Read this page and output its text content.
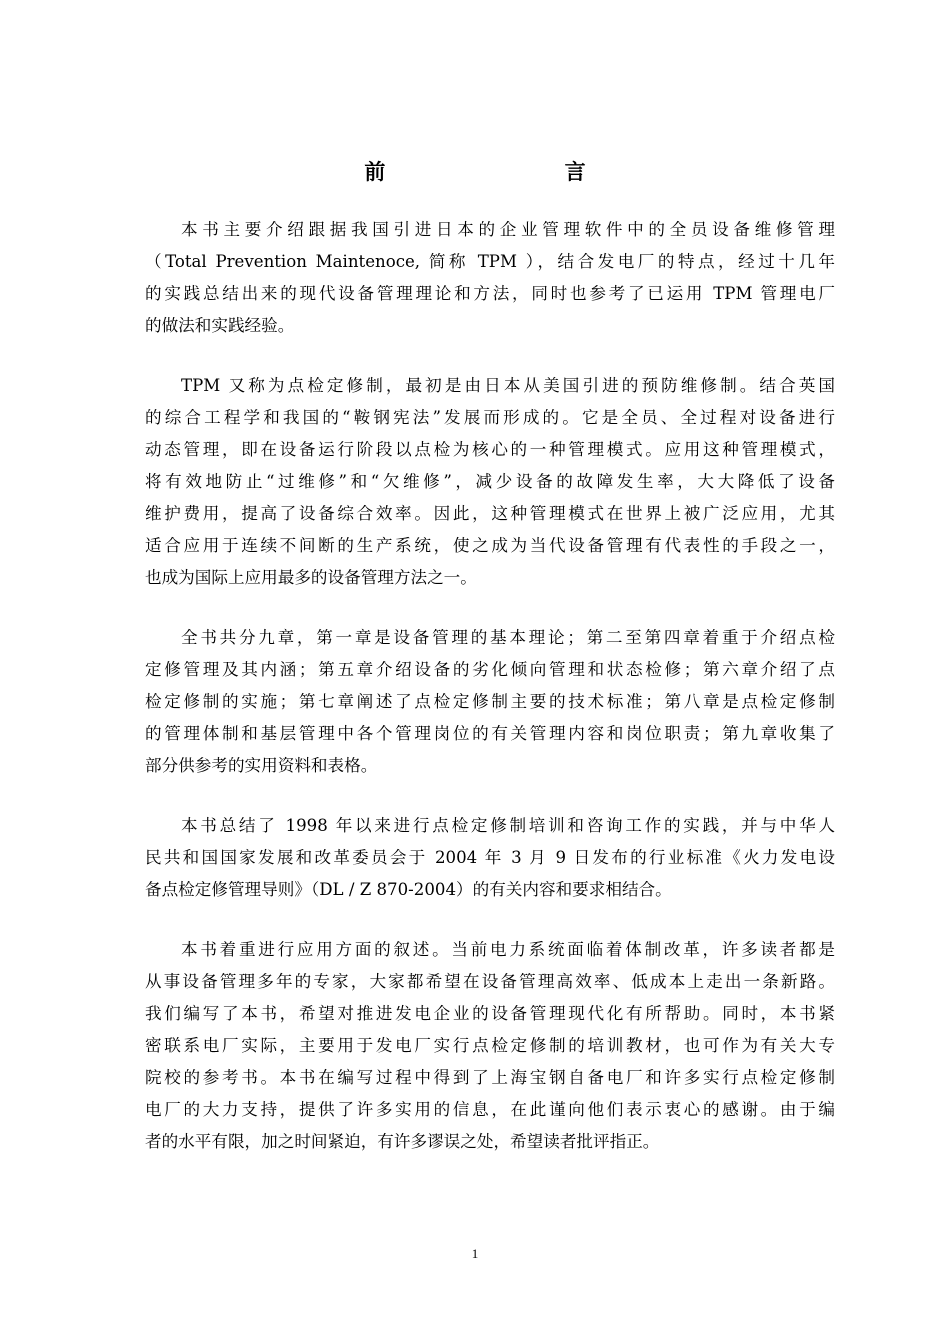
前 言

本书主要介绍跟据我国引进日本的企业管理软件中的全员设备维修管理
（Total Prevention Maintenoce, 简称 TPM ），结合发电厂的特点，经过十几年
的实践总结出来的现代设备管理理论和方法，同时也参考了已运用 TPM 管理电厂
的做法和实践经验。

TPM 又称为点检定修制，最初是由日本从美国引进的预防维修制。结合英国
的综合工程学和我国的“鞍钢宪法”发展而形成的。它是全员、全过程对设备进行
动态管理，即在设备运行阶段以点检为核心的一种管理模式。应用这种管理模式，
将有效地防止“过维修”和“欠维修”，减少设备的故障发生率，大大降低了设备
维护费用，提高了设备综合效率。因此，这种管理模式在世界上被广泛应用，尤其
适合应用于连续不间断的生产系统，使之成为当代设备管理有代表性的手段之一，
也成为国际上应用最多的设备管理方法之一。

全书共分九章，第一章是设备管理的基本理论；第二至第四章着重于介绍点检
定修管理及其内涵；第五章介绍设备的劣化倾向管理和状态检修；第六章介绍了点
检定修制的实施；第七章阐述了点检定修制主要的技术标准；第八章是点检定修制
的管理体制和基层管理中各个管理岗位的有关管理内容和岗位职责；第九章收集了
部分供参考的实用资料和表格。

本书总结了 1998 年以来进行点检定修制培训和咨询工作的实践，并与中华人
民共和国国家发展和改革委员会于 2004 年 3 月 9 日发布的行业标准《火力发电设
备点检定修管理导则》（DL / Z 870-2004）的有关内容和要求相结合。

本书着重进行应用方面的叙述。当前电力系统面临着体制改革，许多读者都是
从事设备管理多年的专家，大家都希望在设备管理高效率、低成本上走出一条新路。
我们编写了本书，希望对推进发电企业的设备管理现代化有所帮助。同时，本书紧
密联系电厂实际，主要用于发电厂实行点检定修制的培训教材，也可作为有关大专
院校的参考书。本书在编写过程中得到了上海宝钢自备电厂和许多实行点检定修制
电厂的大力支持，提供了许多实用的信息，在此谨向他们表示衷心的感谢。由于编
者的水平有限，加之时间紧迫，有许多谬误之处，希望读者批评指正。

1
